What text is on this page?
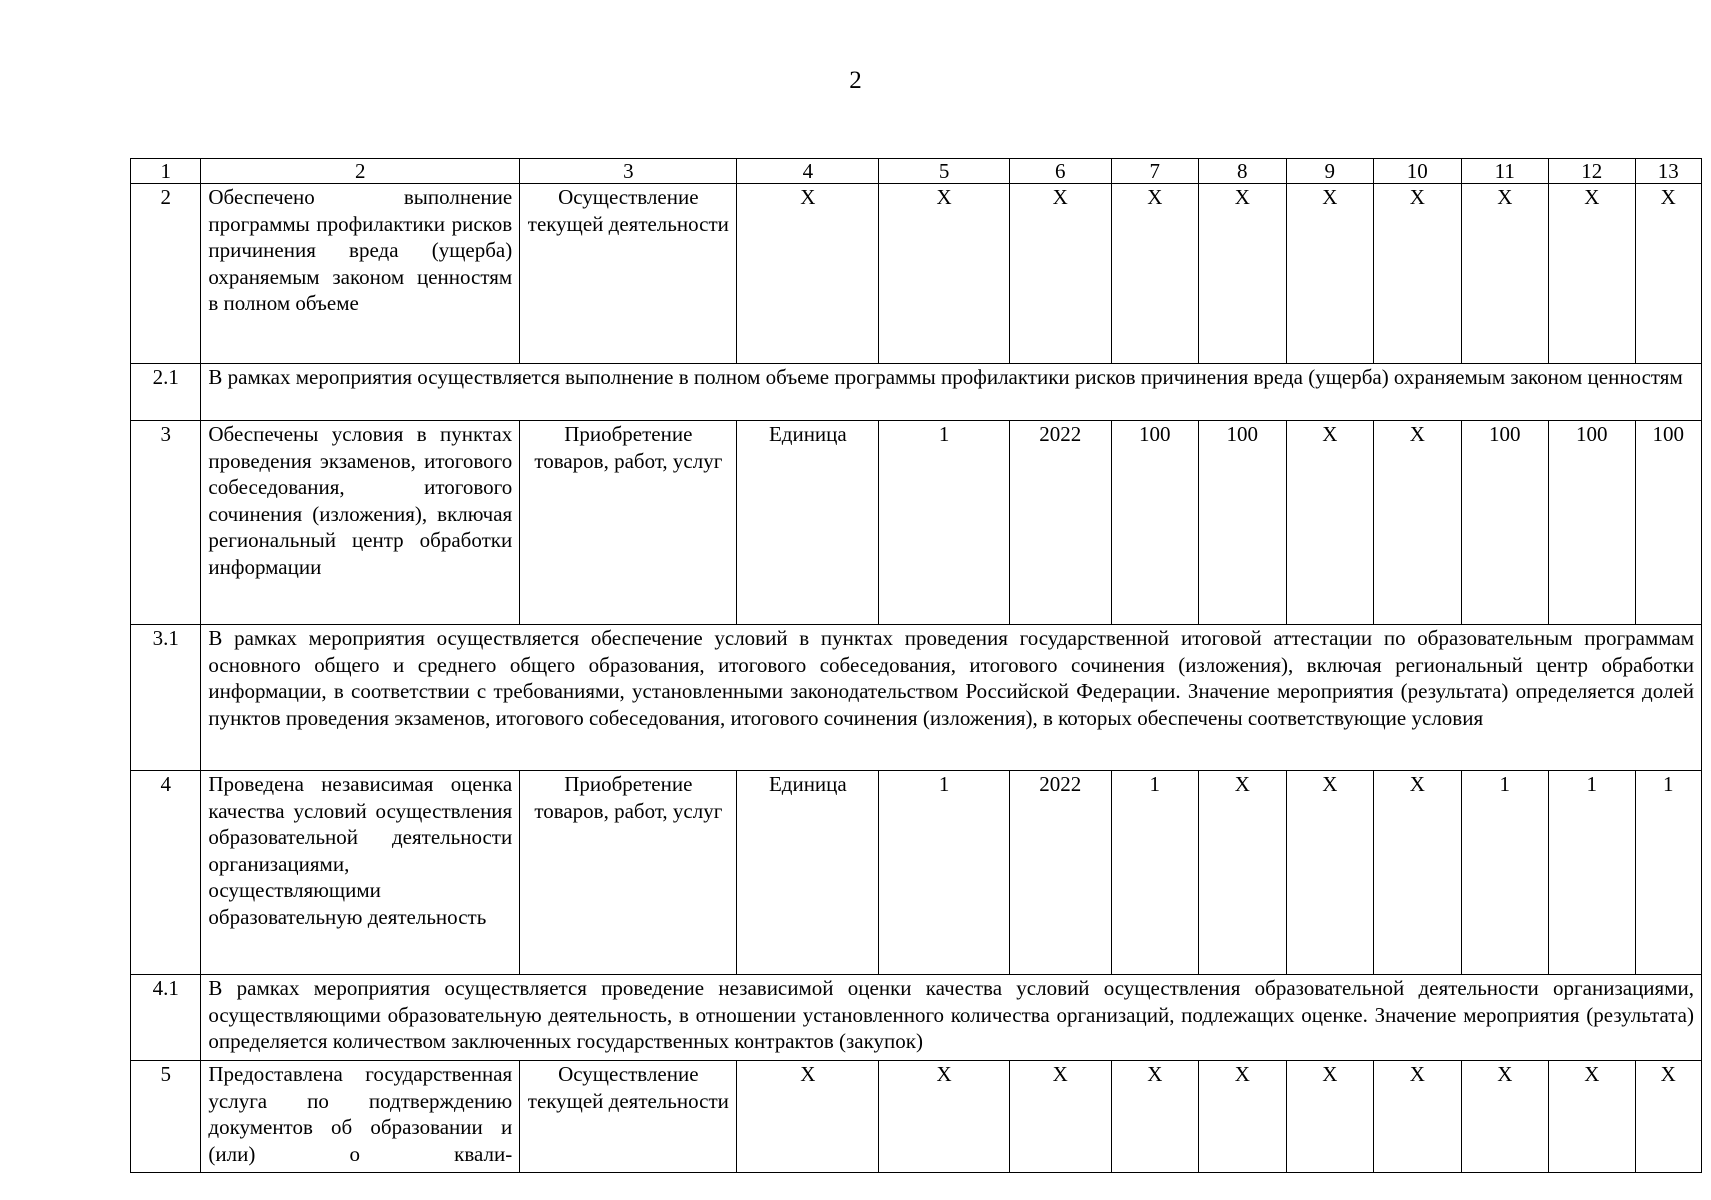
2
1	2	3	4	5	6	7	8	9	10	11	12	13
2	Обеспечено выполнение программы профилактики рисков причинения вреда (ущерба) охраняемым законом ценностям в полном объеме	Осуществление текущей деятельности	X	X	X	X	X	X	X	X	X	X
2.1	В рамках мероприятия осуществляется выполнение в полном объеме программы профилактики рисков причинения вреда (ущерба) охраняемым законом ценностям											
3	Обеспечены условия в пунктах проведения экзаменов, итогового собеседования, итогового сочинения (изложения), включая региональный центр обработки информации	Приобретение товаров, работ, услуг	Единица	1	2022	100	100	X	X	100	100	100
3.1	В рамках мероприятия осуществляется обеспечение условий в пунктах проведения государственной итоговой аттестации по образовательным программам основного общего и среднего общего образования, итогового собеседования, итогового сочинения (изложения), включая региональный центр обработки информации, в соответствии с требованиями, установленными законодательством Российской Федерации. Значение мероприятия (результата) определяется долей пунктов проведения экзаменов, итогового собеседования, итогового сочинения (изложения), в которых обеспечены соответствующие условия											
4	Проведена независимая оценка качества условий осуществления образовательной деятельности организациями, осуществляющими образовательную деятельность	Приобретение товаров, работ, услуг	Единица	1	2022	1	X	X	X	1	1	1
4.1	В рамках мероприятия осуществляется проведение независимой оценки качества условий осуществления образовательной деятельности организациями, осуществляющими образовательную деятельность, в отношении установленного количества организаций, подлежащих оценке. Значение мероприятия (результата) определяется количеством заключенных государственных контрактов (закупок)											
5	Предоставлена государственная услуга по подтверждению документов об образовании и (или) о квали-	Осуществление текущей деятельности	X	X	X	X	X	X	X	X	X	X
